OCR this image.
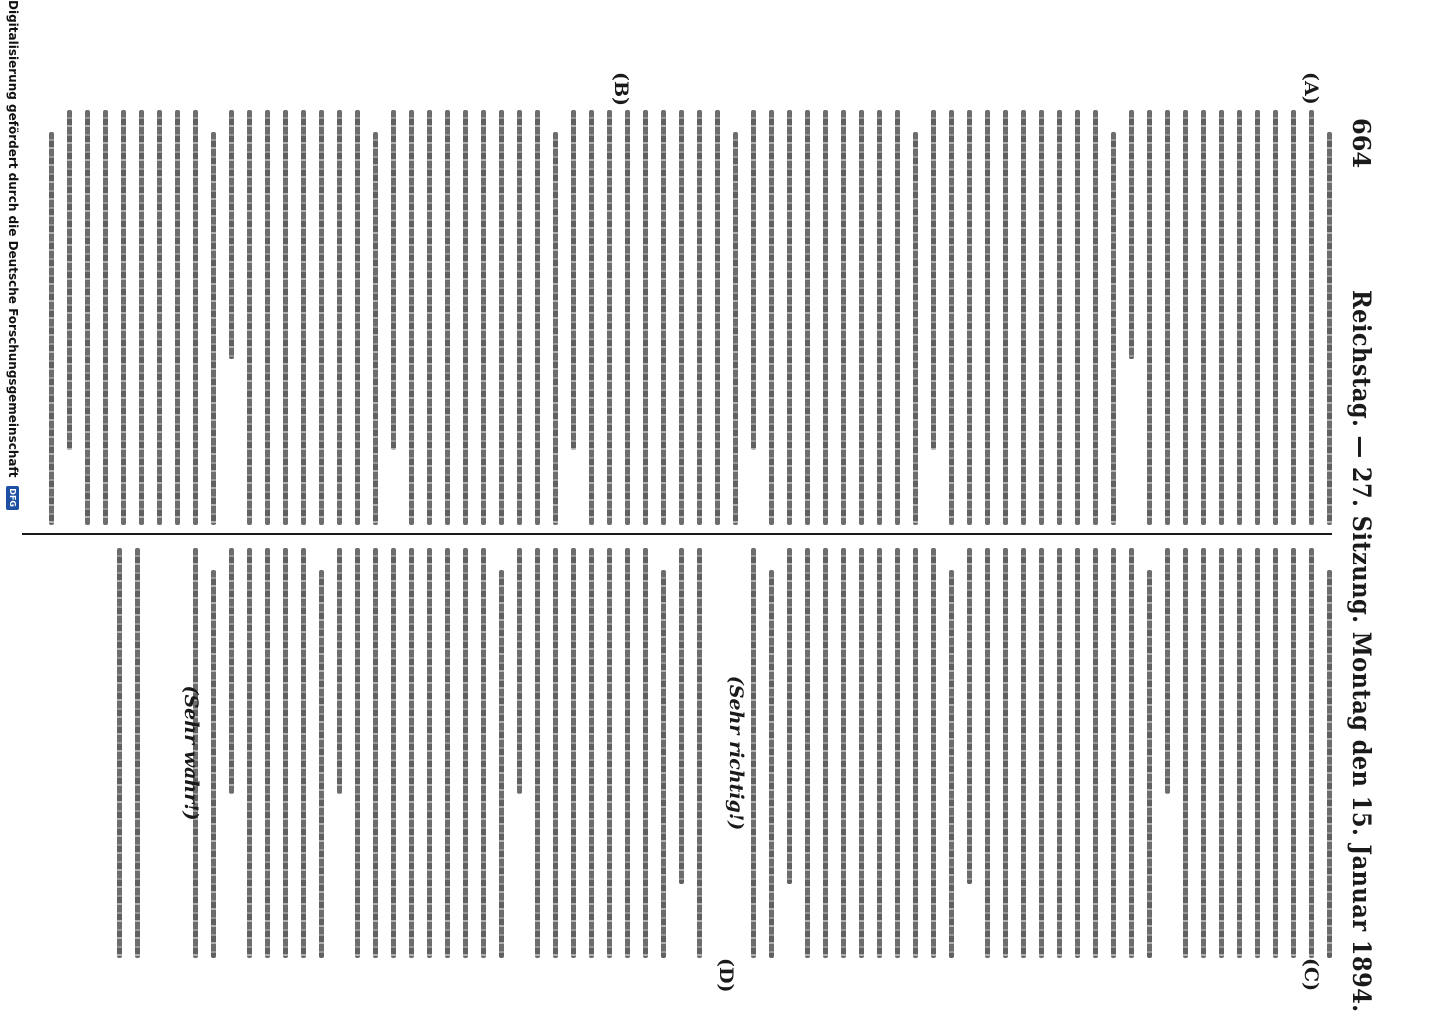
664
Reichstag. — 27. Sitzung. Montag den 15. Januar 1894.
(A)
(B)
(C)
(D)
(Sehr richtig!)
(Sehr wahr!)
Digitalisierung gefördert durch die Deutsche Forschungsgemeinschaft DFG
